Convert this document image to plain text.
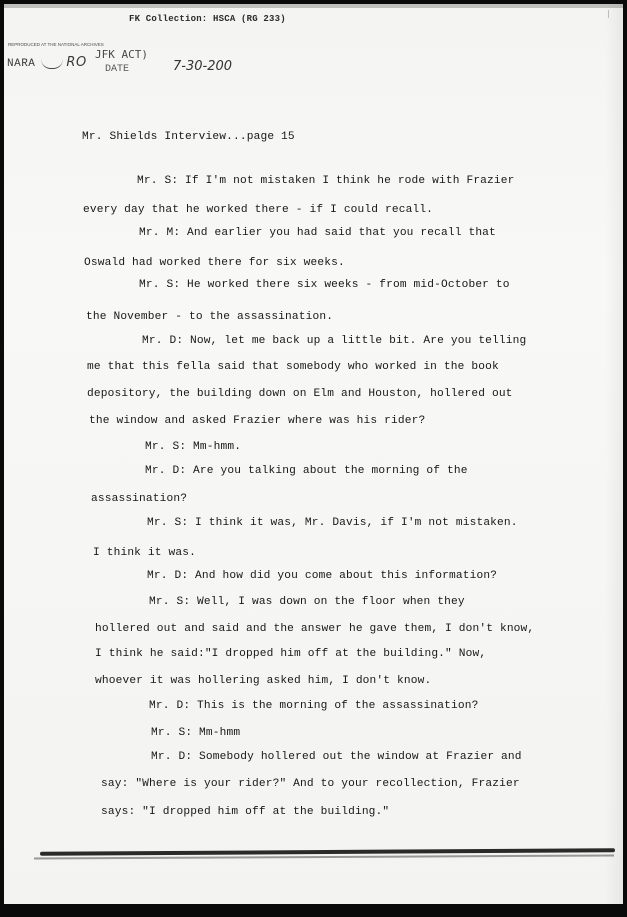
FK Collection: HSCA (RG 233)
REPRODUCED AT THE NATIONAL ARCHIVES
NARA RO
JFK ACT)
DATE	7-30-200
Mr. Shields Interview...page 15
Mr. S: If I'm not mistaken I think he rode with Frazier
every day that he worked there - if I could recall.
Mr. M: And earlier you had said that you recall that
Oswald had worked there for six weeks.
Mr. S: He worked there six weeks - from mid-October to
the November - to the assassination.
Mr. D: Now, let me back up a little bit. Are you telling
me that this fella said that somebody who worked in the book
depository, the building down on Elm and Houston, hollered out
the window and asked Frazier where was his rider?
Mr. S: Mm-hmm.
Mr. D: Are you talking about the morning of the
assassination?
Mr. S: I think it was, Mr. Davis, if I'm not mistaken.
I think it was.
Mr. D: And how did you come about this information?
Mr. S: Well, I was down on the floor when they
hollered out and said and the answer he gave them, I don't know,
I think he said:"I dropped him off at the building." Now,
whoever it was hollering asked him, I don't know.
Mr. D: This is the morning of the assassination?
Mr. S: Mm-hmm
Mr. D: Somebody hollered out the window at Frazier and
say: "Where is your rider?" And to your recollection, Frazier
says: "I dropped him off at the building."
